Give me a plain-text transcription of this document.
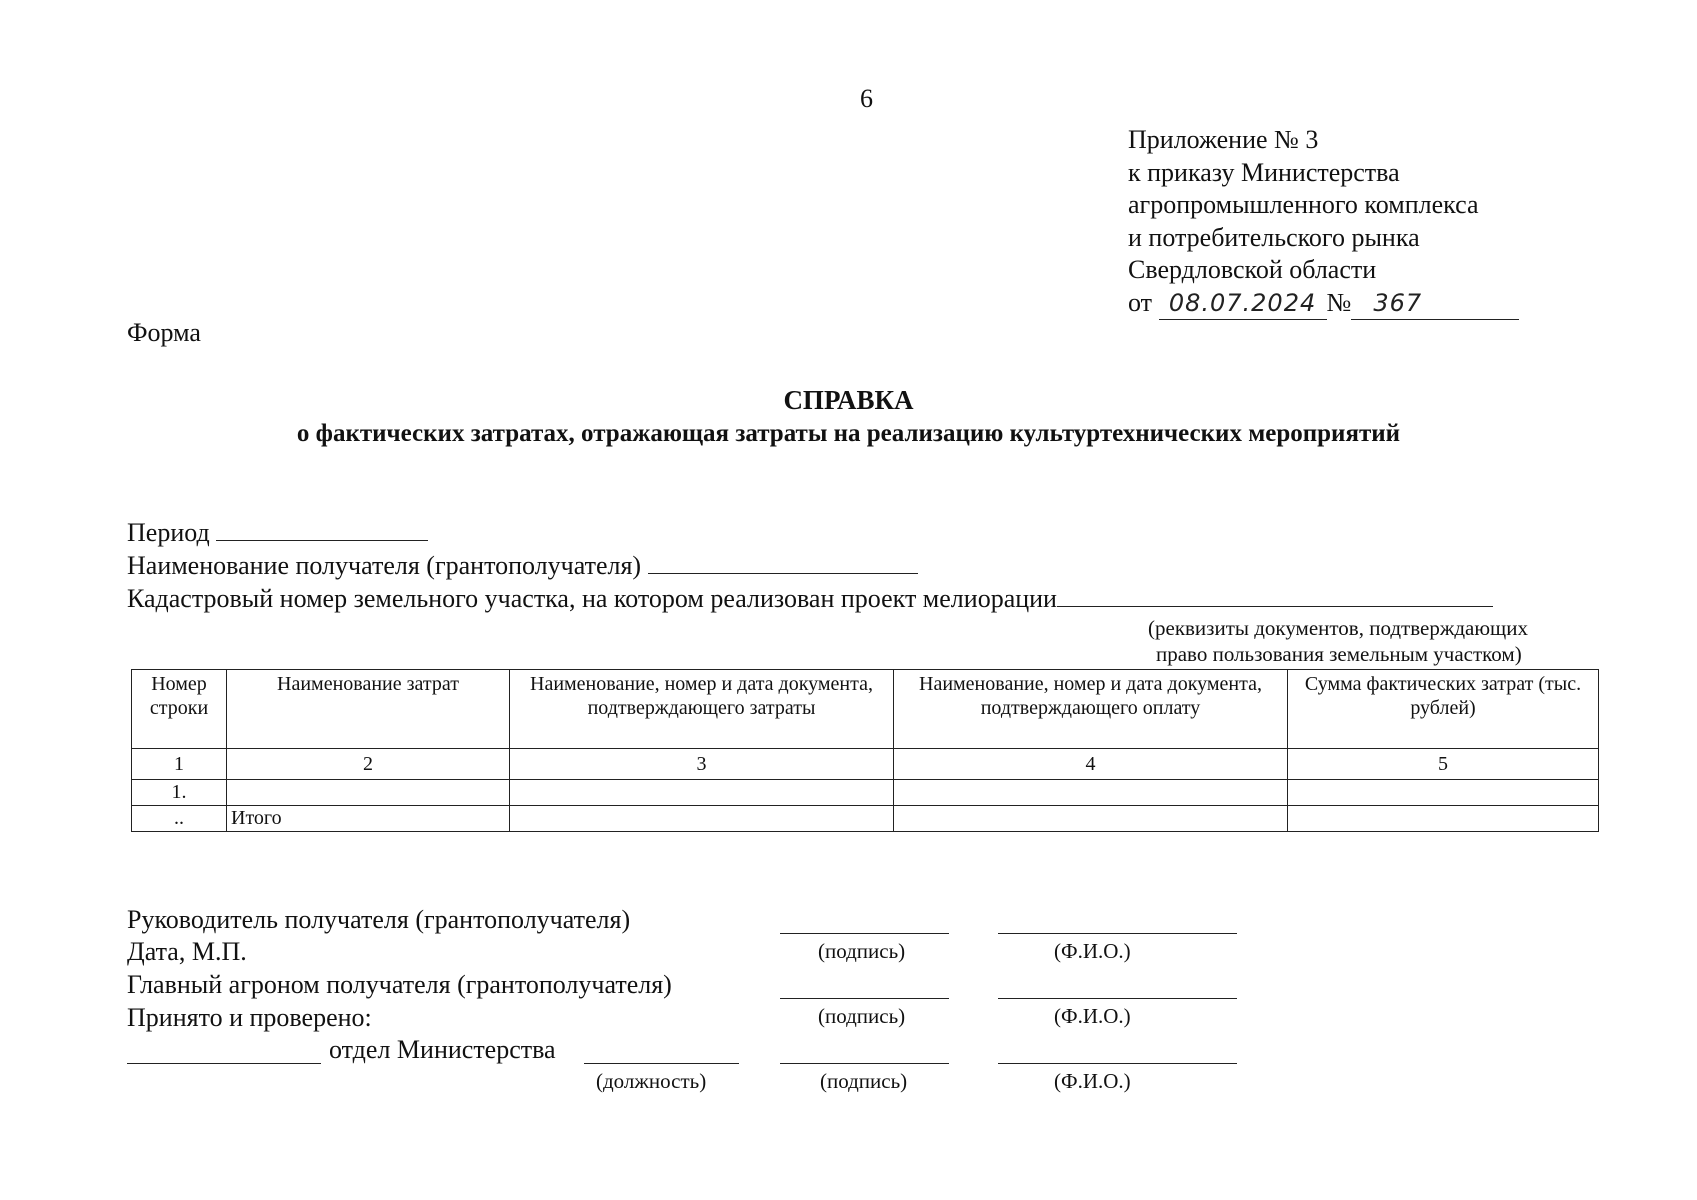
6
Приложение № 3
к приказу Министерства
агропромышленного комплекса
и потребительского рынка
Свердловской области
от 08.07.2024 № 367
Форма
СПРАВКА
о фактических затратах, отражающая затраты на реализацию культуртехнических мероприятий
Период
Наименование получателя (грантополучателя)
Кадастровый номер земельного участка, на котором реализован проект мелиорации
(реквизиты документов, подтверждающих
право пользования земельным участком)
Номер строки	Наименование затрат	Наименование, номер и дата документа, подтверждающего затраты	Наименование, номер и дата документа, подтверждающего оплату	Сумма фактических затрат (тыс. рублей)
1	2	3	4	5
1.				
..	Итого			
Руководитель получателя (грантополучателя)
Дата, М.П.	(подпись)	(Ф.И.О.)
Главный агроном получателя (грантополучателя)
Принято и проверено:	(подпись)	(Ф.И.О.)
отдел Министерства
(должность)	(подпись)	(Ф.И.О.)
